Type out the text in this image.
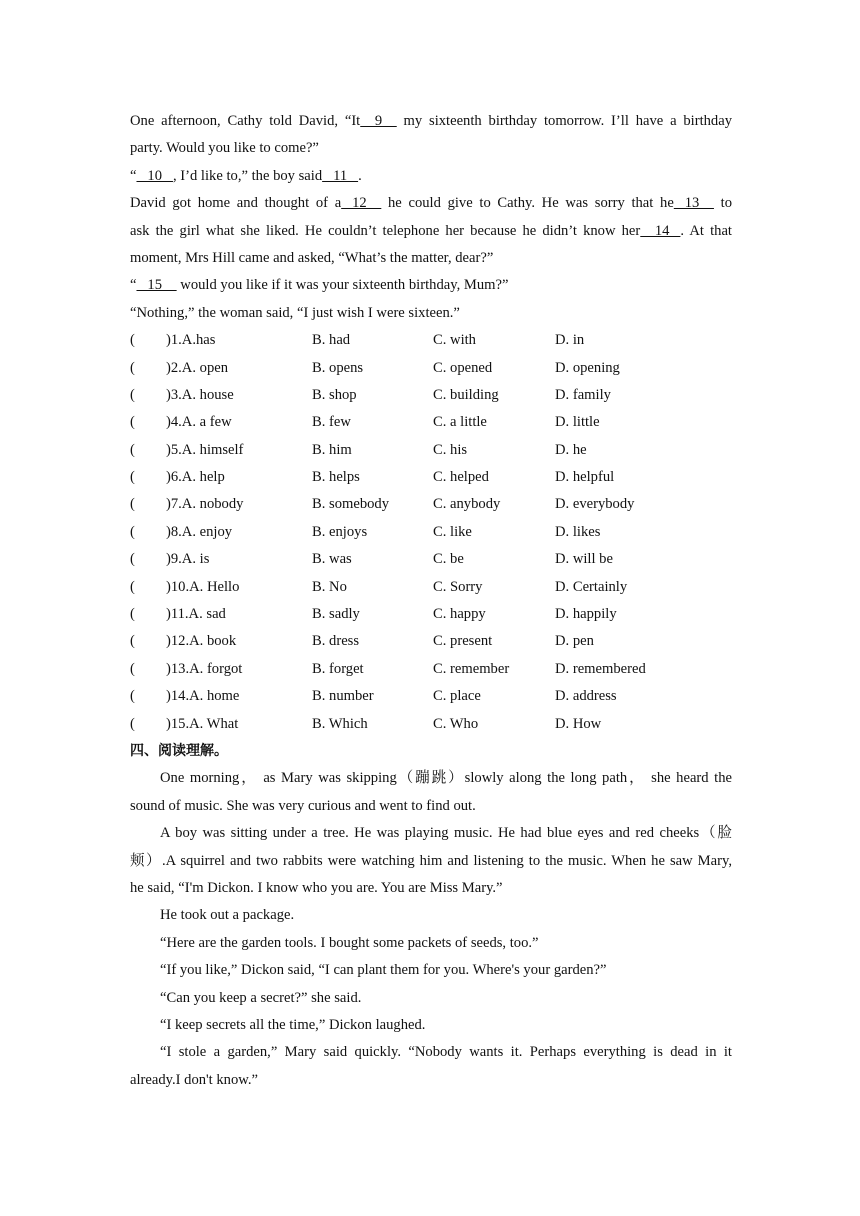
One afternoon, Cathy told David, “It    9     my sixteenth birthday tomorrow. I’ll have a birthday
party. Would you like to come?”
“   10   , I’d like to,” the boy said   11   .
David got home and thought of a   12     he could give to Cathy. He was sorry that he   13     to
ask the girl what she liked. He couldn’t telephone her because he didn’t know her    14   . At that
moment, Mrs Hill came and asked, “What’s the matter, dear?”
“   15     would you like if it was your sixteenth birthday, Mum?”
“Nothing,” the woman said, “I just wish I were sixteen.”
(	)1.A.has	B. had	C. with	D. in
(	)2.A. open	B. opens	C. opened	D. opening
(	)3.A. house	B. shop	C. building	D. family
(	)4.A. a few	B. few	C. a little	D. little
(	)5.A. himself	B. him	C. his	D. he
(	)6.A. help	B. helps	C. helped	D. helpful
(	)7.A. nobody	B. somebody	C. anybody	D. everybody
(	)8.A. enjoy	B. enjoys	C. like	D. likes
(	)9.A. is	B. was	C. be	D. will be
(	)10.A. Hello	B. No	C. Sorry	D. Certainly
(	)11.A. sad	B. sadly	C. happy	D. happily
(	)12.A. book	B. dress	C. present	D. pen
(	)13.A. forgot	B. forget	C. remember	D. remembered
(	)14.A. home	B. number	C. place	D. address
(	)15.A. What	B. Which	C. Who	D. How
四、阅读理解。
One morning， as Mary was skipping（蹦跳）slowly along the long path， she heard the
sound of music. She was very curious and went to find out.
A boy was sitting under a tree. He was playing music. He had blue eyes and red cheeks（脸
颊）.A squirrel and two rabbits were watching him and listening to the music. When he saw Mary,
he said, “I'm Dickon. I know who you are. You are Miss Mary.”
He took out a package.
“Here are the garden tools. I bought some packets of seeds, too.”
“If you like,” Dickon said, “I can plant them for you. Where's your garden?”
“Can you keep a secret?” she said.
“I keep secrets all the time,” Dickon laughed.
“I stole a garden,” Mary said quickly. “Nobody wants it. Perhaps everything is dead in it
already.I don't know.”
